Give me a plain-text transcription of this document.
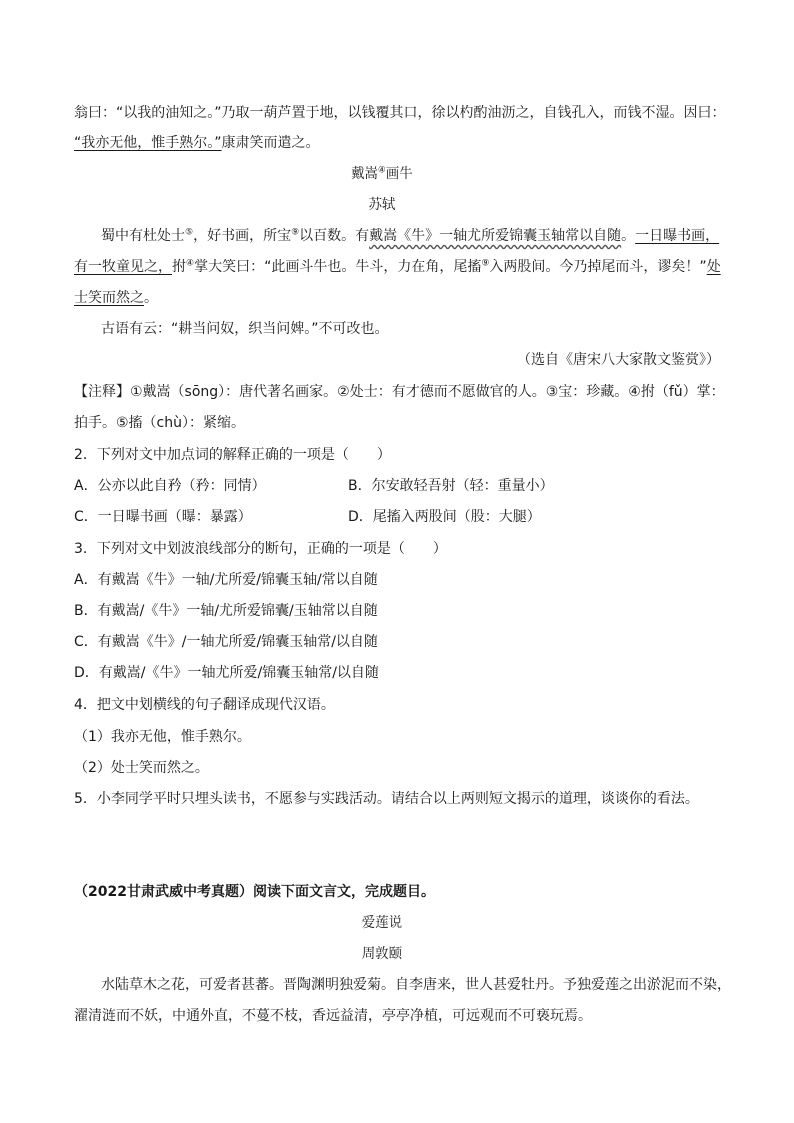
翁曰：“以我的油知之。”乃取一葫芦置于地，以钱覆其口，徐以杓酌油沥之，自钱孔入，而钱不湿。因曰：
“我亦无他，惟手熟尔。”康肃笑而遣之。
戴嵩④画牛
苏轼
蜀中有杜处士⑤，好书画，所宝⑨以百数。有戴嵩《牛》一轴尤所爱锦囊玉轴常以自随。一日曝书画，
有一牧童见之，拊④掌大笑曰：“此画斗牛也。牛斗，力在角，尾搐⑨入两股间。今乃掉尾而斗，谬矣！”处
士笑而然之。
古语有云：“耕当问奴，织当问婢。”不可改也。
（选自《唐宋八大家散文鉴赏》）
【注释】①戴嵩（sōng）：唐代著名画家。②处士：有才德而不愿做官的人。③宝：珍藏。④拊（fǔ）掌：
拍手。⑤搐（chù）：紧缩。
2．下列对文中加点词的解释正确的一项是（　　）
A．公亦以此自矜（矜：同情）	B．尔安敢轻吾射（轻：重量小）
C．一日曝书画（曝：暴露）	D．尾搐入两股间（股：大腿）
3．下列对文中划波浪线部分的断句，正确的一项是（　　）
A．有戴嵩《牛》一轴/尤所爱/锦囊玉轴/常以自随
B．有戴嵩/《牛》一轴/尤所爱锦囊/玉轴常以自随
C．有戴嵩《牛》/一轴尤所爱/锦囊玉轴常/以自随
D．有戴嵩/《牛》一轴尤所爱/锦囊玉轴常/以自随
4．把文中划横线的句子翻译成现代汉语。
（1）我亦无他，惟手熟尔。
（2）处士笑而然之。
5．小李同学平时只埋头读书，不愿参与实践活动。请结合以上两则短文揭示的道理，谈谈你的看法。
（2022甘肃武威中考真题）阅读下面文言文，完成题目。
爱莲说
周敦颐
水陆草木之花，可爱者甚蕃。晋陶渊明独爱菊。自李唐来，世人甚爱牡丹。予独爱莲之出淤泥而不染，
濯清涟而不妖，中通外直，不蔓不枝，香远益清，亭亭净植，可远观而不可亵玩焉。
